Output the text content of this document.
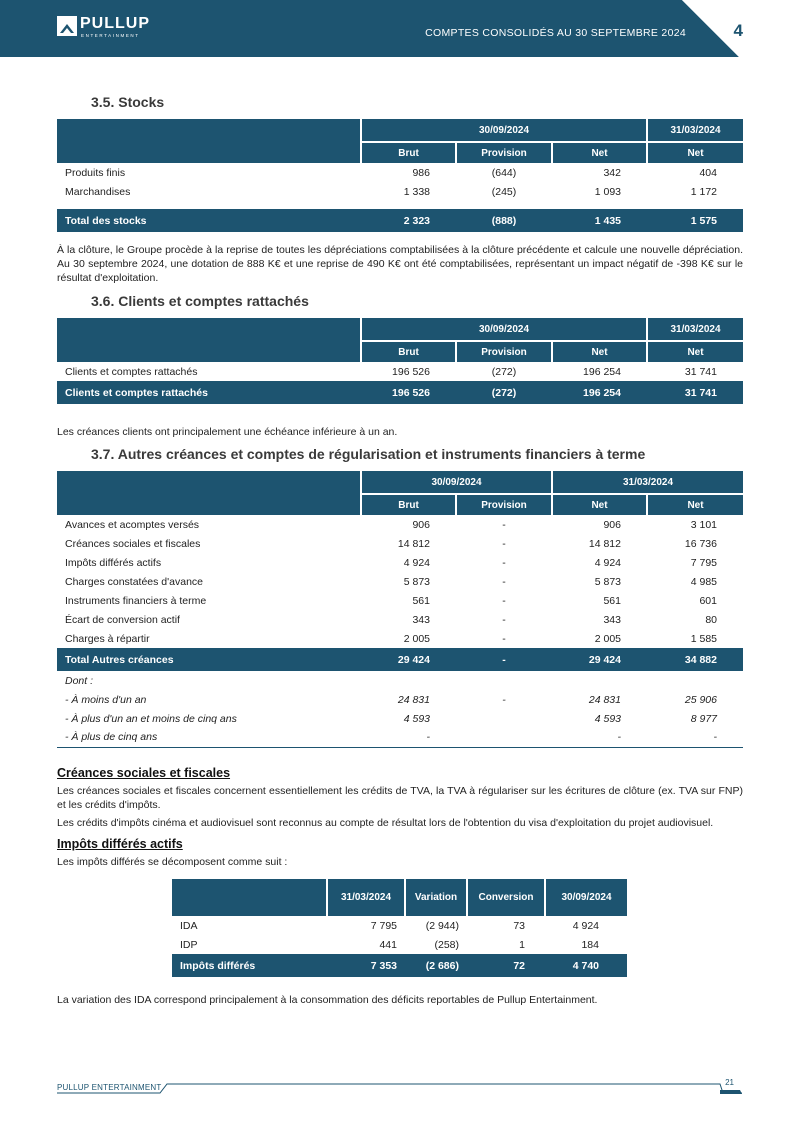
PULLUP
ENTERTAINMENT	COMPTES CONSOLIDÉS AU 30 SEPTEMBRE 2024	4
3.5. Stocks
	30/09/2024			31/03/2024
	Brut	Provision	Net	Net
Produits finis	986	(644)	342	404
Marchandises	1 338	(245)	1 093	1 172

Total des stocks	2 323	(888)	1 435	1 575
À la clôture, le Groupe procède à la reprise de toutes les dépréciations comptabilisées à la clôture précédente et calcule une nouvelle dépréciation. Au 30 septembre 2024, une dotation de 888 K€ et une reprise de 490 K€ ont été comptabilisées, représentant un impact négatif de -398 K€ sur le résultat d'exploitation.
3.6. Clients et comptes rattachés
	30/09/2024			31/03/2024
	Brut	Provision	Net	Net
Clients et comptes rattachés	196 526	(272)	196 254	31 741
Clients et comptes rattachés	196 526	(272)	196 254	31 741
Les créances clients ont principalement une échéance inférieure à un an.
3.7. Autres créances et comptes de régularisation et instruments financiers à terme
	30/09/2024		31/03/2024	
	Brut	Provision	Net	Net
Avances et acomptes versés	906	-	906	3 101
Créances sociales et fiscales	14 812	-	14 812	16 736
Impôts différés actifs	4 924	-	4 924	7 795
Charges constatées d'avance	5 873	-	5 873	4 985
Instruments financiers à terme	561	-	561	601
Écart de conversion actif	343	-	343	80
Charges à répartir	2 005	-	2 005	1 585
Total Autres créances	29 424	-	29 424	34 882
Dont :				
- À moins d'un an	24 831	-	24 831	25 906
- À plus d'un an et moins de cinq ans	4 593		4 593	8 977
- À plus de cinq ans	-		-	-
Créances sociales et fiscales
Les créances sociales et fiscales concernent essentiellement les crédits de TVA, la TVA à régulariser sur les écritures de clôture (ex. TVA sur FNP) et les crédits d'impôts.
Les crédits d'impôts cinéma et audiovisuel sont reconnus au compte de résultat lors de l'obtention du visa d'exploitation du projet audiovisuel.
Impôts différés actifs
Les impôts différés se décomposent comme suit :
	31/03/2024	Variation	Conversion	30/09/2024
IDA	7 795	(2 944)	73	4 924
IDP	441	(258)	1	184
Impôts différés	7 353	(2 686)	72	4 740
La variation des IDA correspond principalement à la consommation des déficits reportables de Pullup Entertainment.
PULLUP ENTERTAINMENT
21
